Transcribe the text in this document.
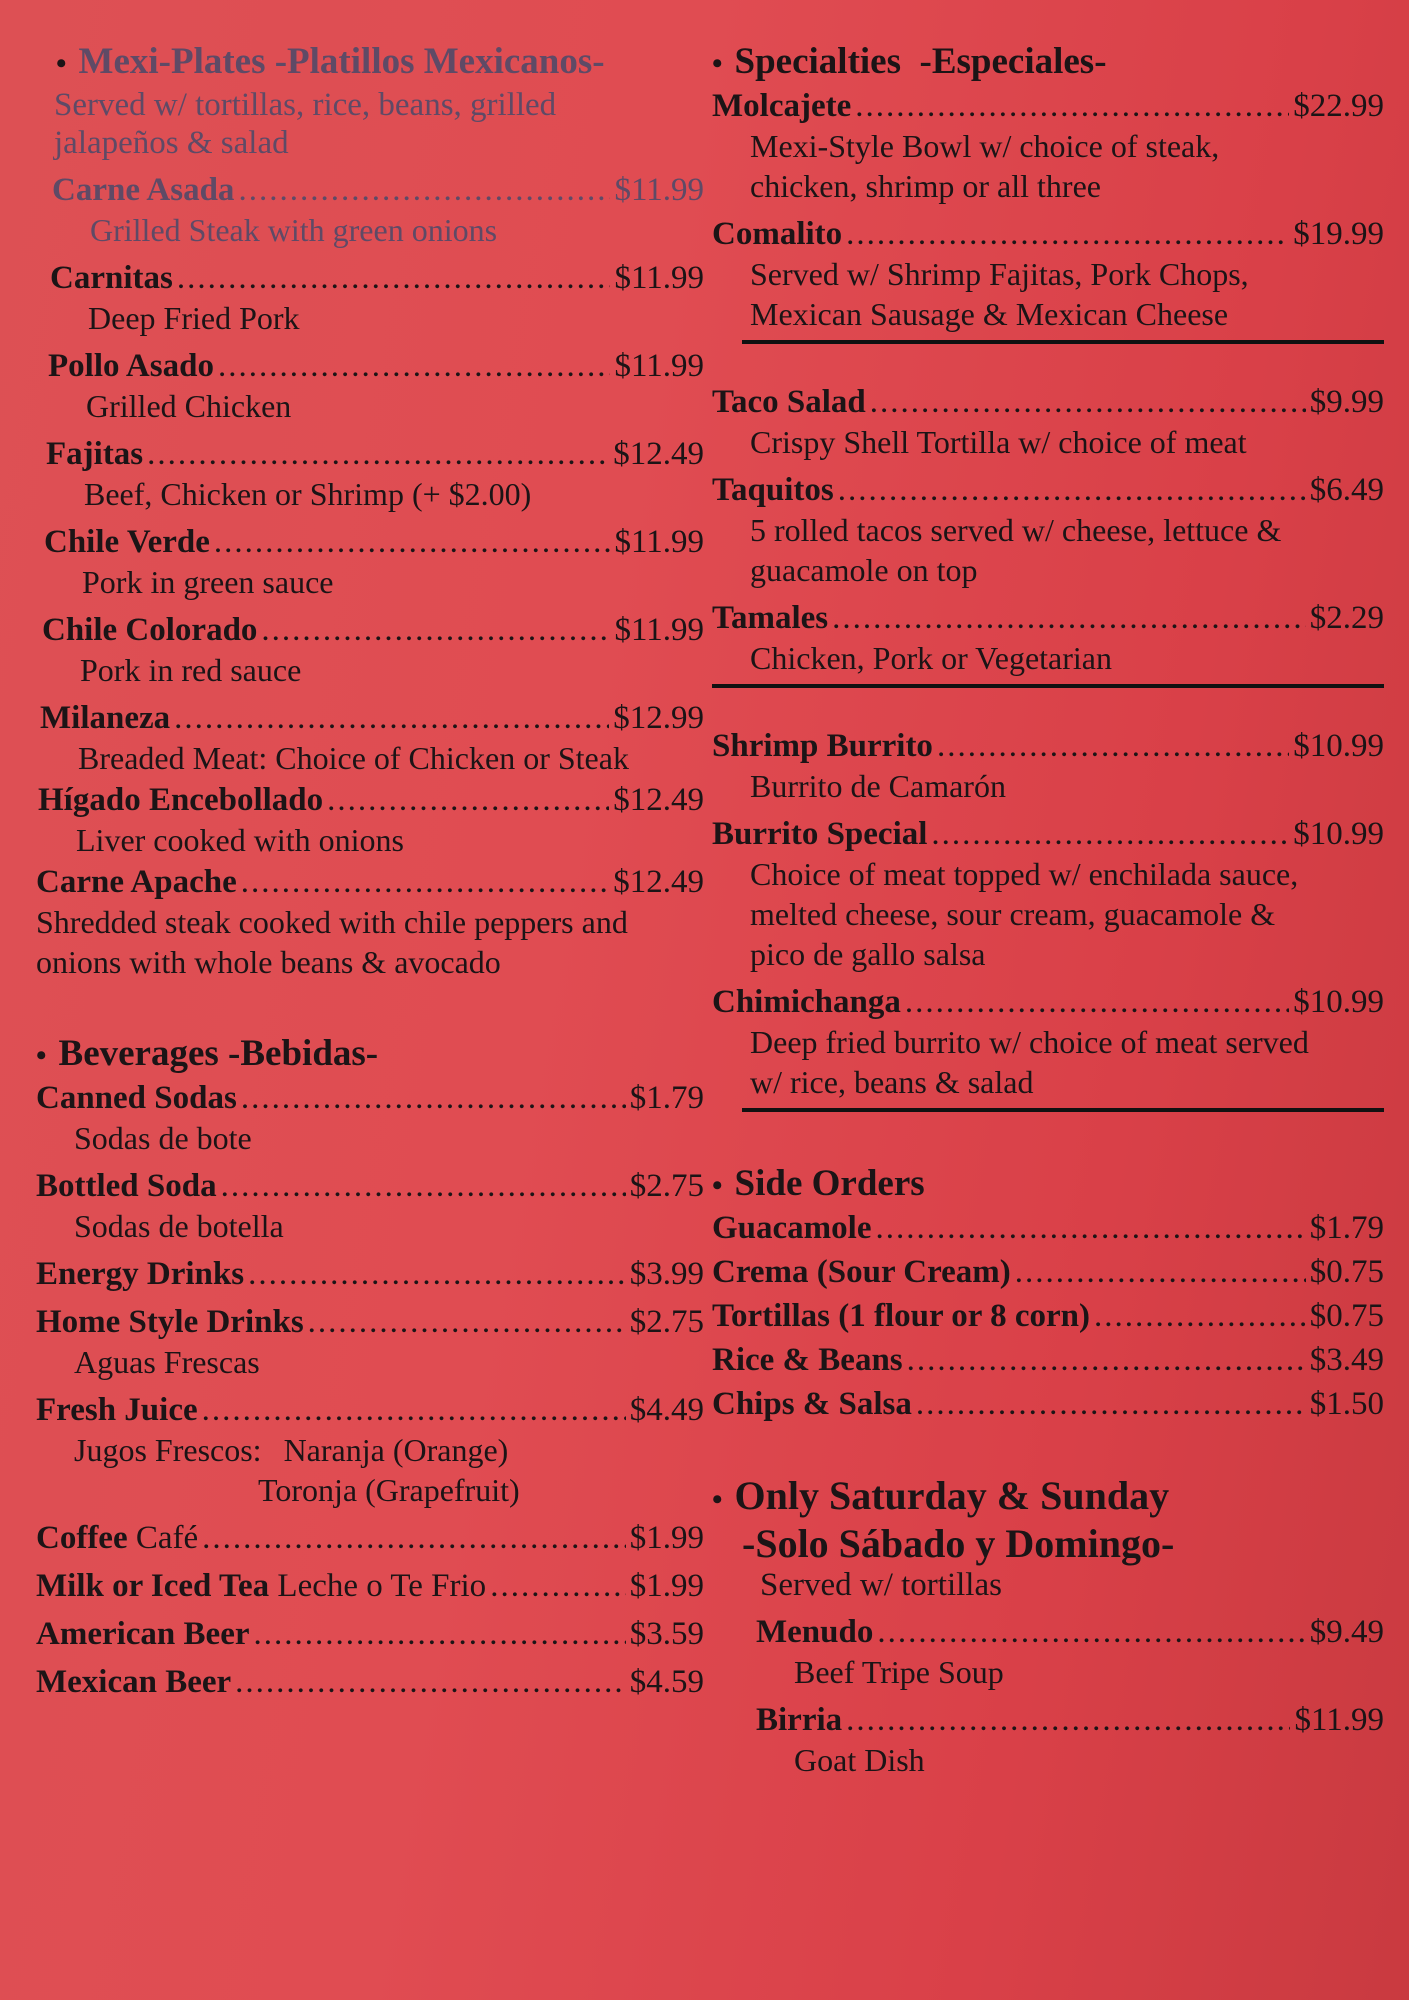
• Mexi-Plates -Platillos Mexicanos-
Served w/ tortillas, rice, beans, grilled jalapeños & salad
Carne Asada .....	$11.99
Grilled Steak with green onions
Carnitas .....	$11.99
Deep Fried Pork
Pollo Asado .....	$11.99
Grilled Chicken
Fajitas .....	$12.49
Beef, Chicken or Shrimp (+ $2.00)
Chile Verde .....	$11.99
Pork in green sauce
Chile Colorado .....	$11.99
Pork in red sauce
Milaneza .....	$12.99
Breaded Meat: Choice of Chicken or Steak
Hígado Encebollado .....	$12.49
Liver cooked with onions
Carne Apache .....	$12.49
Shredded steak cooked with chile peppers and onions with whole beans & avocado
• Beverages -Bebidas-
Canned Sodas .....	$1.79
Sodas de bote
Bottled Soda .....	$2.75
Sodas de botella
Energy Drinks .....	$3.99
Home Style Drinks .....	$2.75
Aguas Frescas
Fresh Juice .....	$4.49
Jugos Frescos: Naranja (Orange)
Toronja (Grapefruit)
Coffee Café .....	$1.99
Milk or Iced Tea Leche o Te Frio .....	$1.99
American Beer .....	$3.59
Mexican Beer .....	$4.59
• Specialties  -Especiales-
Molcajete .....	$22.99
Mexi-Style Bowl w/ choice of steak, chicken, shrimp or all three
Comalito .....	$19.99
Served w/ Shrimp Fajitas, Pork Chops, Mexican Sausage & Mexican Cheese
Taco Salad .....	$9.99
Crispy Shell Tortilla w/ choice of meat
Taquitos .....	$6.49
5 rolled tacos served w/ cheese, lettuce & guacamole on top
Tamales .....	$2.29
Chicken, Pork or Vegetarian
Shrimp Burrito .....	$10.99
Burrito de Camarón
Burrito Special .....	$10.99
Choice of meat topped w/ enchilada sauce, melted cheese, sour cream, guacamole & pico de gallo salsa
Chimichanga .....	$10.99
Deep fried burrito w/ choice of meat served w/ rice, beans & salad
• Side Orders
Guacamole .....	$1.79
Crema (Sour Cream) .....	$0.75
Tortillas (1 flour or 8 corn) .....	$0.75
Rice & Beans .....	$3.49
Chips & Salsa .....	$1.50
• Only Saturday & Sunday
-Solo Sábado y Domingo-
Served w/ tortillas
Menudo .....	$9.49
Beef Tripe Soup
Birria .....	$11.99
Goat Dish
